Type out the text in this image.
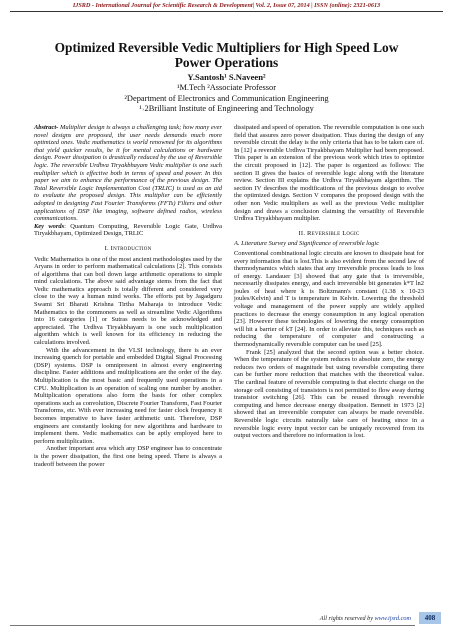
IJSRD - International Journal for Scientific Research & Development| Vol. 2, Issue 07, 2014 | ISSN (online): 2321-0613
Optimized Reversible Vedic Multipliers for High Speed Low Power Operations
Y.Santosh¹ S.Naveen²
¹M.Tech ²Associate Professor
²Department of Electronics and Communication Engineering
¹˒2Brilliant Institute of Engineering and Technology

Abstract- Multiplier design is always a challenging task; how many ever novel designs are proposed, the user needs demands much more optimized ones. Vedic mathematics is world renowned for its algorithms that yield quicker results, be it for mental calculations or hardware design. Power dissipation is drastically reduced by the use of Reversible logic. The reversible Urdhva Tiryakbhayam Vedic multiplier is one such multiplier which is effective both in terms of speed and power. In this paper we aim to enhance the performance of the previous design. The Total Reversible Logic Implementation Cost (TRLIC) is used as an aid to evaluate the proposed design. This multiplier can be efficiently adopted in designing Fast Fourier Transforms (FFTs) Filters and other applications of DSP like imaging, software defined radios, wireless communications.

Key words: Quantum Computing, Reversible Logic Gate, Urdhva Tiryakbhayam, Optimized Design, TRLIC

I. Introduction

Vedic Mathematics is one of the most ancient methodologies used by the Aryans in order to perform mathematical calculations [2]. This consists of algorithms that can boil down large arithmetic operations to simple mind calculations. The above said advantage stems from the fact that Vedic mathematics approach is totally different and considered very close to the way a human mind works. The efforts put by Jagadguru Swami Sri Bharati Krishna Tirtha Maharaja to introduce Vedic Mathematics to the commoners as well as streamline Vedic Algorithms into 16 categories [1] or Sutras needs to be acknowledged and appreciated. The Urdhva Tiryakbhayam is one such multiplication algorithm which is well known for its efficiency in reducing the calculations involved.

With the advancement in the VLSI technology, there is an ever increasing quench for portable and embedded Digital Signal Processing (DSP) systems. DSP is omnipresent in almost every engineering discipline. Faster additions and multiplications are the order of the day. Multiplication is the most basic and frequently used operations in a CPU. Multiplication is an operation of scaling one number by another. Multiplication operations also form the basis for other complex operations such as convolution, Discrete Fourier Transform, Fast Fourier Transforms, etc. With ever increasing need for faster clock frequency it becomes imperative to have faster arithmetic unit. Therefore, DSP engineers are constantly looking for new algorithms and hardware to implement them. Vedic mathematics can be aptly employed here to perform multiplication.

Another important area which any DSP engineer has to concentrate is the power dissipation, the first one being speed. There is always a tradeoff between the power

dissipated and speed of operation. The reversible computation is one such field that assures zero power dissipation. Thus during the design of any reversible circuit the delay is the only criteria that has to be taken care of. In [12] a reversible Urdhva Tiryakbhayam Multiplier had been proposed. This paper is an extension of the previous work which tries to optimize the circuit proposed in [12]. The paper is organized as follows: The section II gives the basics of reversible logic along with the literature review. Section III explains the Urdhva Tiryakbhayam algorithm. The section IV describes the modifications of the previous design to evolve the optimized design. Section V compares the proposed design with the other non Vedic multipliers as well as the previous Vedic multiplier design and draws a conclusion claiming the versatility of Reversible Urdhva Tiryakbhayam multiplier.

II. Reversible Logic
A. Literature Survey and Significance of reversible logic

Conventional combinational logic circuits are known to dissipate heat for every information that is lost.This is also evident from the second law of thermodynamics which states that any irreversible process leads to loss of energy. Landauer [3] showed that any gate that is irreversible, necessarily dissipates energy, and each irreversible bit generates k*T ln2 joules of heat where k is Boltzmann's constant (1.38 x 10-23 joules/Kelvin) and T is temperature in Kelvin. Lowering the threshold voltage and management of the power supply are widely applied practices to decrease the energy consumption in any logical operation [23]. However these technologies of lowering the energy consumption will hit a barrier of kT [24]. In order to alleviate this, techniques such as reducing the temperature of computer and constructing a thermodynamically reversible computer can be used [25].

Frank [25] analyzed that the second option was a better choice. When the temperature of the system reduces to absolute zero, the energy reduces two orders of magnitude but using reversible computing there can be further more reduction that matches with the theoretical value. The cardinal feature of reversible computing is that electric charge on the storage cell consisting of transistors is not permitted to flow away during transistor switching [26]. This can be reused through reversible computing and hence decrease energy dissipation. Bennett in 1973 [2] showed that an irreversible computer can always be made reversible. Reversible logic circuits naturally take care of heating since in a reversible logic every input vector can be uniquely recovered from its output vectors and therefore no information is lost.

All rights reserved by www.ijsrd.com	408
